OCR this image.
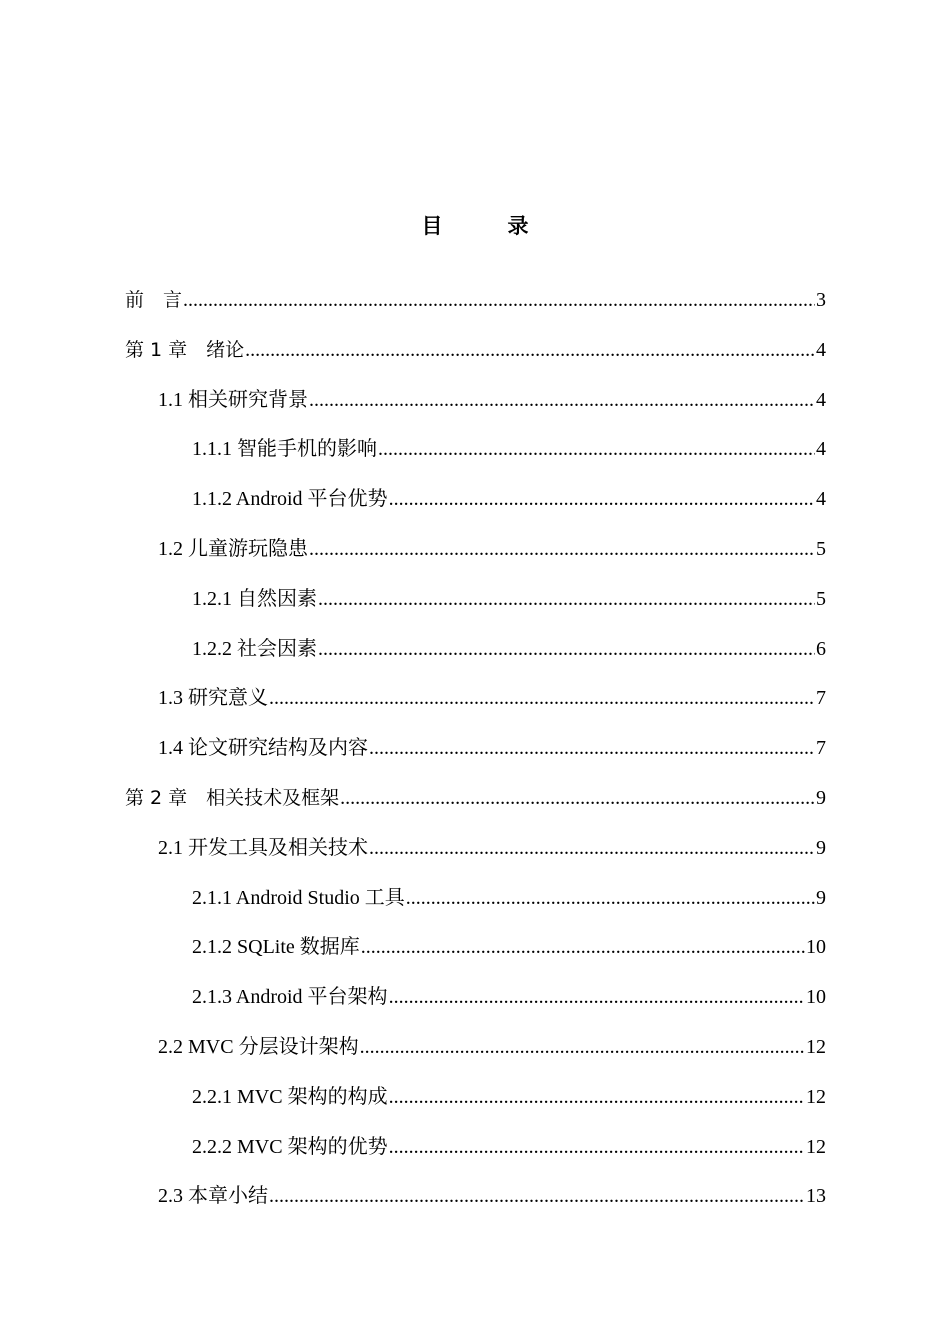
目　录
前　言 .....	3
第 1 章　绪论 .....	4
1.1 相关研究背景 .....	4
1.1.1 智能手机的影响 .....	4
1.1.2 Android 平台优势 .....	4
1.2 儿童游玩隐患 .....	5
1.2.1 自然因素 .....	5
1.2.2 社会因素 .....	6
1.3 研究意义 .....	7
1.4 论文研究结构及内容 .....	7
第 2 章　相关技术及框架 .....	9
2.1 开发工具及相关技术 .....	9
2.1.1 Android Studio 工具 .....	9
2.1.2 SQLite 数据库 .....	10
2.1.3 Android 平台架构 .....	10
2.2 MVC 分层设计架构 .....	12
2.2.1 MVC 架构的构成 .....	12
2.2.2 MVC 架构的优势 .....	12
2.3 本章小结 .....	13
